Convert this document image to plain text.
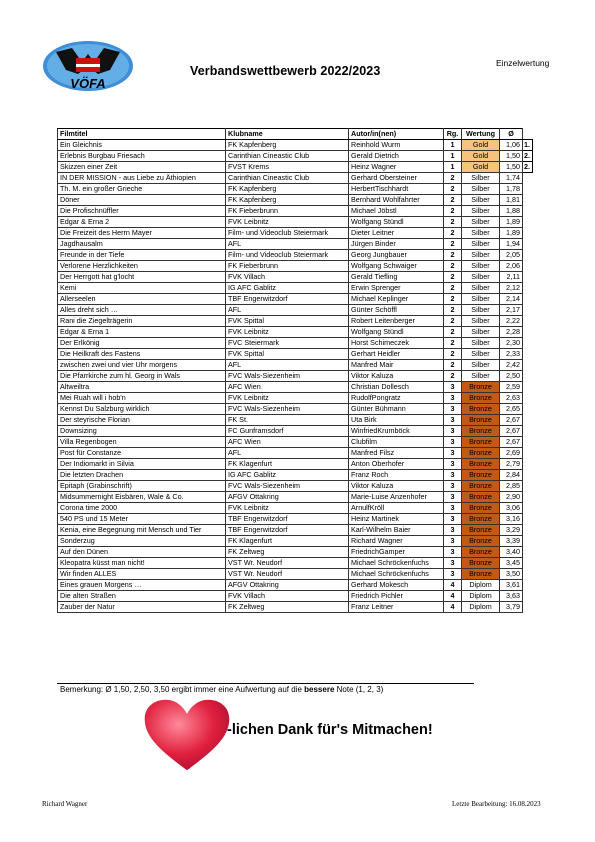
VÖFA
Verbandswettbewerb 2022/2023
Einzelwertung
Filmtitel	Klubname	Autor/in(nen)	Rg.	Wertung	Ø	
Ein Gleichnis	FK Kapfenberg	Reinhold Wurm	1	Gold	1,06	1.
Erlebnis Burgbau Friesach	Carinthian Cineastic Club	Gerald Dietrich	1	Gold	1,50	2.
Skizzen einer Zeit	FVST Krems	Heinz Wagner	1	Gold	1,50	2.
IN DER MISSION - aus Liebe zu Äthiopien	Carinthian Cineastic Club	Gerhard Obersteiner	2	Silber	1,74	
Th. M. ein großer Grieche	FK Kapfenberg	HerbertTischhardt	2	Silber	1,78	
Döner	FK Kapfenberg	Bernhard Wohlfahrter	2	Silber	1,81	
Die Profischnüffler	FK Fieberbrunn	Michael Jöbstl	2	Silber	1,88	
Edgar & Erna 2	FVK Leibnitz	Wolfgang Stündl	2	Silber	1,89	
Die Freizeit des Herrn Mayer	Film- und Videoclub Steiermark	Dieter Leitner	2	Silber	1,89	
Jagdhausalm	AFL	Jürgen Binder	2	Silber	1,94	
Freunde in der Tiefe	Film- und Videoclub Steiermark	Georg Jungbauer	2	Silber	2,05	
Verlorene Herzlichkeiten	FK Fieberbrunn	Wolfgang Schwaiger	2	Silber	2,06	
Der Herrgott hat g'locht	FVK Villach	Gerald Tiefling	2	Silber	2,11	
Kemi	IG AFC Gablitz	Erwin Sprenger	2	Silber	2,12	
Allerseelen	TBF Engerwitzdorf	Michael Keplinger	2	Silber	2,14	
Alles dreht sich …	AFL	Günter Schöffl	2	Silber	2,17	
Rani die Ziegelträgerin	FVK Spittal	Robert Leitenberger	2	Silber	2,22	
Edgar & Erna 1	FVK Leibnitz	Wolfgang Stündl	2	Silber	2,28	
Der Erlkönig	FVC Steiermark	Horst Schimeczek	2	Silber	2,30	
Die Heilkraft des Fastens	FVK Spittal	Gerhart Heidler	2	Silber	2,33	
zwischen zwei und vier Uhr morgens	AFL	Manfred Mair	2	Silber	2,42	
Die Pfarrkirche zum hl. Georg in Wals	FVC Wals-Siezenheim	Viktor Kaluza	2	Silber	2,50	
Altweiltra	AFC Wien	Christian Dollesch	3	Bronze	2,59	
Mei Ruah will i hob'n	FVK Leibnitz	RudolfPongratz	3	Bronze	2,63	
Kennst Du Salzburg wirklich	FVC Wals-Siezenheim	Günter Bühmann	3	Bronze	2,65	
Der steyrische Florian	FK St.	Uta Birk	3	Bronze	2,67	
Downsizing	FC Gunframsdorf	WinfriedKrumböck	3	Bronze	2,67	
Villa Regenbogen	AFC Wien	Clubfilm	3	Bronze	2,67	
Post für Constanze	AFL	Manfred Filsz	3	Bronze	2,69	
Der Indiomarkt in Silvia	FK Klagenfurt	Anton Oberhofer	3	Bronze	2,79	
Die letzten Drachen	IG AFC Gablitz	Franz Roch	3	Bronze	2,84	
Epitaph (Grabinschrift)	FVC Wals-Siezenheim	Viktor Kaluza	3	Bronze	2,85	
Midsummernight Eisbären, Wale & Co.	AFGV Ottakring	Marie-Luise Anzenhofer	3	Bronze	2,90	
Corona time 2000	FVK Leibnitz	ArnulfKröll	3	Bronze	3,06	
540 PS und 15 Meter	TBF Engerwitzdorf	Heinz Martinek	3	Bronze	3,16	
Kenia, eine Begegnung mit Mensch und Tier	TBF Engerwitzdorf	Karl-Wilhelm Baier	3	Bronze	3,29	
Sonderzug	FK Klagenfurt	Richard Wagner	3	Bronze	3,39	
Auf den Dünen	FK Zeltweg	FriedrichGamper	3	Bronze	3,40	
Kleopatra küsst man nicht!	VST Wr. Neudorf	Michael Schröckenfuchs	3	Bronze	3,45	
Wir finden ALLES	VST Wr. Neudorf	Michael Schröckenfuchs	3	Bronze	3,50	
Eines grauen Morgens …	AFGV Ottakring	Gerhard Mokesch	4	Diplom	3,61	
Die alten Straßen	FVK Villach	Friedrich Pichler	4	Diplom	3,63	
Zauber der Natur	FK Zeltweg	Franz Leitner	4	Diplom	3,79	
Bemerkung: Ø 1,50, 2,50, 3,50 ergibt immer eine Aufwertung auf die bessere Note (1, 2, 3)
-lichen Dank für's Mitmachen!
Richard Wagner	Letzte Bearbeitung: 16.08.2023
